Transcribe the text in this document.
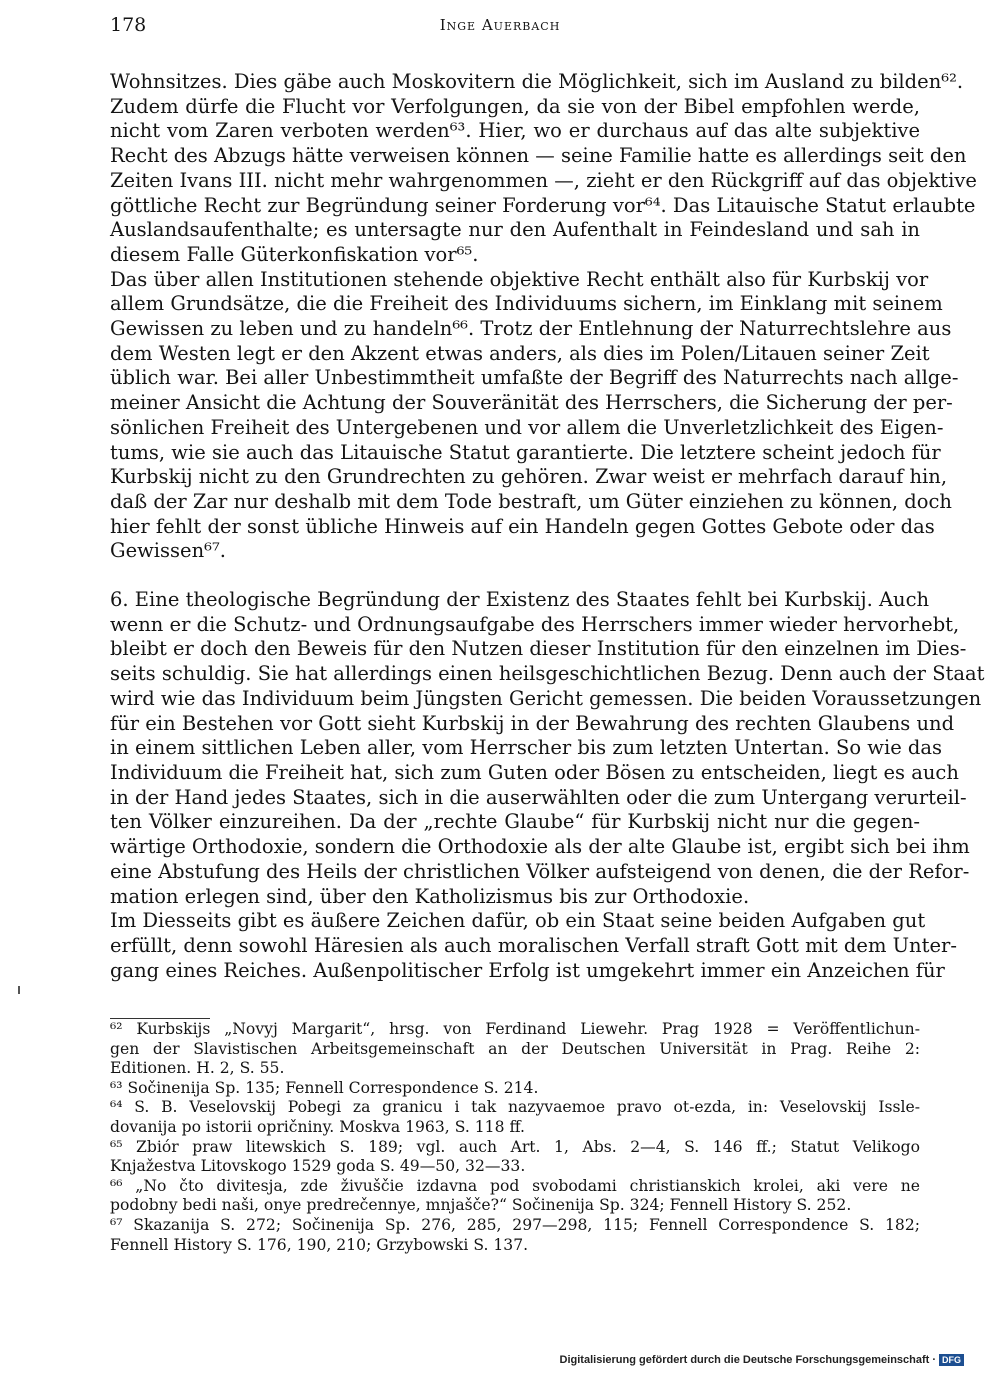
178	Inge Auerbach
Wohnsitzes. Dies gäbe auch Moskovitern die Möglichkeit, sich im Ausland zu bilden⁶².
Zudem dürfe die Flucht vor Verfolgungen, da sie von der Bibel empfohlen werde,
nicht vom Zaren verboten werden⁶³. Hier, wo er durchaus auf das alte subjektive
Recht des Abzugs hätte verweisen können — seine Familie hatte es allerdings seit den
Zeiten Ivans III. nicht mehr wahrgenommen —, zieht er den Rückgriff auf das objektive
göttliche Recht zur Begründung seiner Forderung vor⁶⁴. Das Litauische Statut erlaubte
Auslandsaufenthalte; es untersagte nur den Aufenthalt in Feindesland und sah in
diesem Falle Güterkonfiskation vor⁶⁵.
Das über allen Institutionen stehende objektive Recht enthält also für Kurbskij vor
allem Grundsätze, die die Freiheit des Individuums sichern, im Einklang mit seinem
Gewissen zu leben und zu handeln⁶⁶. Trotz der Entlehnung der Naturrechtslehre aus
dem Westen legt er den Akzent etwas anders, als dies im Polen/Litauen seiner Zeit
üblich war. Bei aller Unbestimmtheit umfaßte der Begriff des Naturrechts nach allge-
meiner Ansicht die Achtung der Souveränität des Herrschers, die Sicherung der per-
sönlichen Freiheit des Untergebenen und vor allem die Unverletzlichkeit des Eigen-
tums, wie sie auch das Litauische Statut garantierte. Die letztere scheint jedoch für
Kurbskij nicht zu den Grundrechten zu gehören. Zwar weist er mehrfach darauf hin,
daß der Zar nur deshalb mit dem Tode bestraft, um Güter einziehen zu können, doch
hier fehlt der sonst übliche Hinweis auf ein Handeln gegen Gottes Gebote oder das
Gewissen⁶⁷.
6. Eine theologische Begründung der Existenz des Staates fehlt bei Kurbskij. Auch
wenn er die Schutz- und Ordnungsaufgabe des Herrschers immer wieder hervorhebt,
bleibt er doch den Beweis für den Nutzen dieser Institution für den einzelnen im Dies-
seits schuldig. Sie hat allerdings einen heilsgeschichtlichen Bezug. Denn auch der Staat
wird wie das Individuum beim Jüngsten Gericht gemessen. Die beiden Voraussetzungen
für ein Bestehen vor Gott sieht Kurbskij in der Bewahrung des rechten Glaubens und
in einem sittlichen Leben aller, vom Herrscher bis zum letzten Untertan. So wie das
Individuum die Freiheit hat, sich zum Guten oder Bösen zu entscheiden, liegt es auch
in der Hand jedes Staates, sich in die auserwählten oder die zum Untergang verurteil-
ten Völker einzureihen. Da der „rechte Glaube“ für Kurbskij nicht nur die gegen-
wärtige Orthodoxie, sondern die Orthodoxie als der alte Glaube ist, ergibt sich bei ihm
eine Abstufung des Heils der christlichen Völker aufsteigend von denen, die der Refor-
mation erlegen sind, über den Katholizismus bis zur Orthodoxie.
Im Diesseits gibt es äußere Zeichen dafür, ob ein Staat seine beiden Aufgaben gut
erfüllt, denn sowohl Häresien als auch moralischen Verfall straft Gott mit dem Unter-
gang eines Reiches. Außenpolitischer Erfolg ist umgekehrt immer ein Anzeichen für
⁶² Kurbskijs „Novyj Margarit“, hrsg. von Ferdinand Liewehr. Prag 1928 = Veröffentlichun-
gen der Slavistischen Arbeitsgemeinschaft an der Deutschen Universität in Prag. Reihe 2:
Editionen. H. 2, S. 55.
⁶³ Sočinenija Sp. 135; Fennell Correspondence S. 214.
⁶⁴ S. B. Veselovskij Pobegi za granicu i tak nazyvaemoe pravo ot-ezda, in: Veselovskij Issle-
dovanija po istorii opričniny. Moskva 1963, S. 118 ff.
⁶⁵ Zbiór praw litewskich S. 189; vgl. auch Art. 1, Abs. 2—4, S. 146 ff.; Statut Velikogo
Knjažestva Litovskogo 1529 goda S. 49—50, 32—33.
⁶⁶ „No čto divitesja, zde živuščie izdavna pod svobodami christianskich krolei, aki vere ne
podobny bedi naši, onye predrečennye, mnjašče?“ Sočinenija Sp. 324; Fennell History S. 252.
⁶⁷ Skazanija S. 272; Sočinenija Sp. 276, 285, 297—298, 115; Fennell Correspondence S. 182;
Fennell History S. 176, 190, 210; Grzybowski S. 137.
Digitalisierung gefördert durch die Deutsche Forschungsgemeinschaft · DFG
